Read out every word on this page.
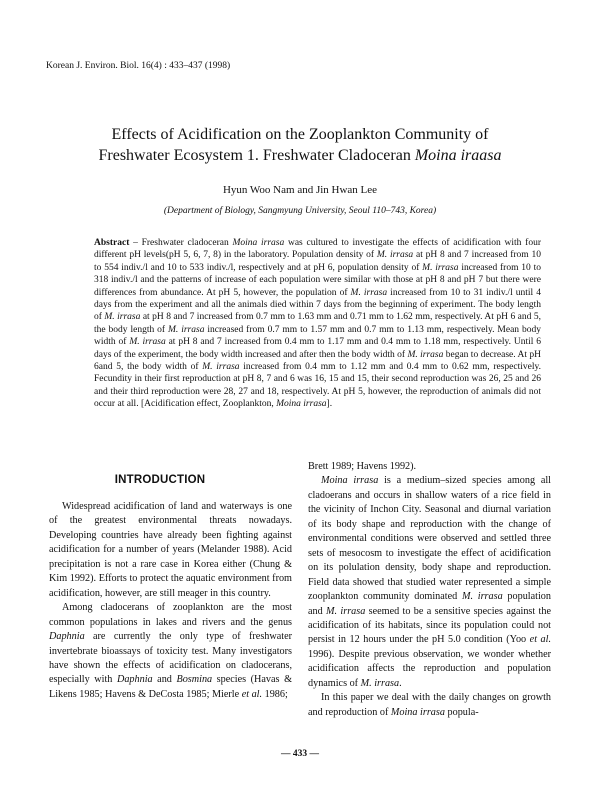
Korean J. Environ. Biol. 16(4) : 433–437 (1998)
Effects of Acidification on the Zooplankton Community of
Freshwater Ecosystem 1. Freshwater Cladoceran Moina iraasa
Hyun Woo Nam and Jin Hwan Lee
(Department of Biology, Sangmyung University, Seoul 110–743, Korea)

Abstract – Freshwater cladoceran Moina irrasa was cultured to investigate the effects of acidification with four different pH levels(pH 5, 6, 7, 8) in the laboratory. Population density of M. irrasa at pH 8 and 7 increased from 10 to 554 indiv./l and 10 to 533 indiv./l, respectively and at pH 6, population density of M. irrasa increased from 10 to 318 indiv./l and the patterns of increase of each population were similar with those at pH 8 and pH 7 but there were differences from abundance. At pH 5, however, the population of M. irrasa increased from 10 to 31 indiv./l until 4 days from the experiment and all the animals died within 7 days from the beginning of experiment. The body length of M. irrasa at pH 8 and 7 increased from 0.7 mm to 1.63 mm and 0.71 mm to 1.62 mm, respectively. At pH 6 and 5, the body length of M. irrasa increased from 0.7 mm to 1.57 mm and 0.7 mm to 1.13 mm, respectively. Mean body width of M. irrasa at pH 8 and 7 increased from 0.4 mm to 1.17 mm and 0.4 mm to 1.18 mm, respectively. Until 6 days of the experiment, the body width increased and after then the body width of M. irrasa began to decrease. At pH 6and 5, the body width of M. irrasa increased from 0.4 mm to 1.12 mm and 0.4 mm to 0.62 mm, respectively. Fecundity in their first reproduction at pH 8, 7 and 6 was 16, 15 and 15, their second reproduction was 26, 25 and 26 and their third reproduction were 28, 27 and 18, respectively. At pH 5, however, the reproduction of animals did not occur at all. [Acidification effect, Zooplankton, Moina irrasa].

INTRODUCTION

Widespread acidification of land and waterways is one of the greatest environmental threats nowadays. Developing countries have already been fighting against acidification for a number of years (Melander 1988). Acid precipitation is not a rare case in Korea either (Chung & Kim 1992). Efforts to protect the aquatic environment from acidification, however, are still meager in this country.

Among cladocerans of zooplankton are the most common populations in lakes and rivers and the genus Daphnia are currently the only type of freshwater invertebrate bioassays of toxicity test. Many investigators have shown the effects of acidification on cladocerans, especially with Daphnia and Bosmina species (Havas & Likens 1985; Havens & DeCosta 1985; Mierle et al. 1986;

Brett 1989; Havens 1992).

Moina irrasa is a medium–sized species among all cladoerans and occurs in shallow waters of a rice field in the vicinity of Inchon City. Seasonal and diurnal variation of its body shape and reproduction with the change of environmental conditions were observed and settled three sets of mesocosm to investigate the effect of acidification on its polulation density, body shape and reproduction. Field data showed that studied water represented a simple zooplankton community dominated M. irrasa population and M. irrasa seemed to be a sensitive species against the acidification of its habitats, since its population could not persist in 12 hours under the pH 5.0 condition (Yoo et al. 1996). Despite previous observation, we wonder whether acidification affects the reproduction and population dynamics of M. irrasa.

In this paper we deal with the daily changes on growth and reproduction of Moina irrasa popula-

— 433 —
